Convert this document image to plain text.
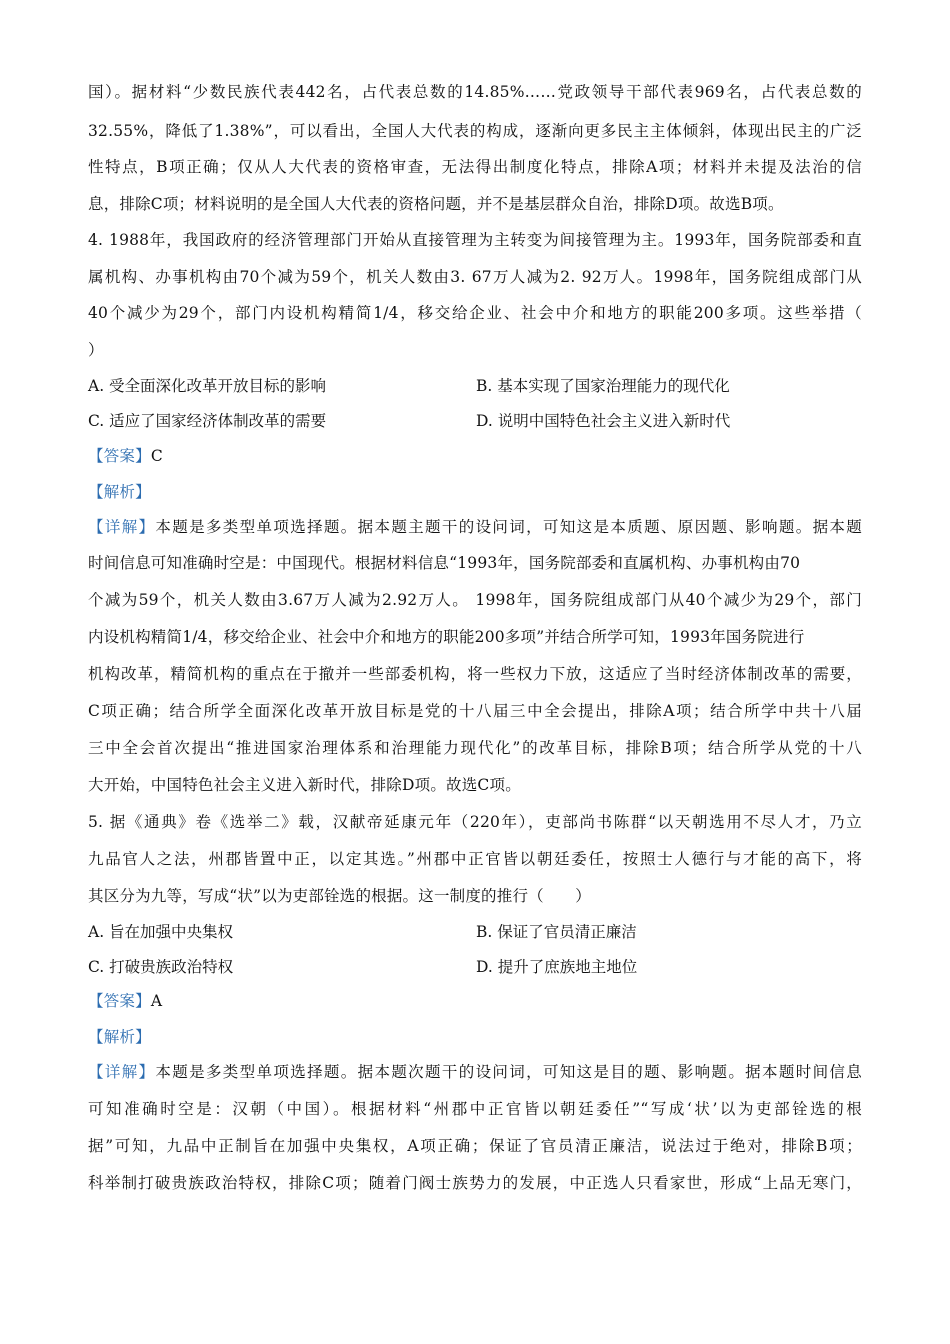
国）。据材料“少数民族代表442名，占代表总数的14.85%……党政领导干部代表969名，占代表总数的
32.55%，降低了1.38%”，可以看出，全国人大代表的构成，逐渐向更多民主主体倾斜，体现出民主的广泛
性特点，B项正确；仅从人大代表的资格审查，无法得出制度化特点，排除A项；材料并未提及法治的信
息，排除C项；材料说明的是全国人大代表的资格问题，并不是基层群众自治，排除D项。故选B项。
4. 1988年，我国政府的经济管理部门开始从直接管理为主转变为间接管理为主。1993年，国务院部委和直
属机构、办事机构由70个减为59个，机关人数由3. 67万人减为2. 92万人。1998年，国务院组成部门从
40个减少为29个，部门内设机构精简1/4，移交给企业、社会中介和地方的职能200多项。这些举措（
）
A. 受全面深化改革开放目标的影响	B. 基本实现了国家治理能力的现代化
C. 适应了国家经济体制改革的需要	D. 说明中国特色社会主义进入新时代
【答案】C
【解析】
【详解】本题是多类型单项选择题。据本题主题干的设问词，可知这是本质题、原因题、影响题。据本题
时间信息可知准确时空是：中国现代。根据材料信息“1993年，国务院部委和直属机构、办事机构由70
个减为59个，机关人数由3.67万人减为2.92万人。 1998年，国务院组成部门从40个减少为29个，部门
内设机构精简1/4，移交给企业、社会中介和地方的职能200多项”并结合所学可知，1993年国务院进行
机构改革，精简机构的重点在于撤并一些部委机构，将一些权力下放，这适应了当时经济体制改革的需要，
C项正确；结合所学全面深化改革开放目标是党的十八届三中全会提出，排除A项；结合所学中共十八届
三中全会首次提出“推进国家治理体系和治理能力现代化”的改革目标，排除B项；结合所学从党的十八
大开始，中国特色社会主义进入新时代，排除D项。故选C项。
5. 据《通典》卷《选举二》载，汉献帝延康元年（220年），吏部尚书陈群“以天朝选用不尽人才，乃立
九品官人之法，州郡皆置中正，以定其选。”州郡中正官皆以朝廷委任，按照士人德行与才能的高下，将
其区分为九等，写成“状”以为吏部铨选的根据。这一制度的推行（　　）
A. 旨在加强中央集权	B. 保证了官员清正廉洁
C. 打破贵族政治特权	D. 提升了庶族地主地位
【答案】A
【解析】
【详解】本题是多类型单项选择题。据本题次题干的设问词，可知这是目的题、影响题。据本题时间信息
可知准确时空是：汉朝（中国）。根据材料“州郡中正官皆以朝廷委任”“写成‘状’以为吏部铨选的根
据”可知，九品中正制旨在加强中央集权，A项正确；保证了官员清正廉洁，说法过于绝对，排除B项；
科举制打破贵族政治特权，排除C项；随着门阀士族势力的发展，中正选人只看家世，形成“上品无寒门，
